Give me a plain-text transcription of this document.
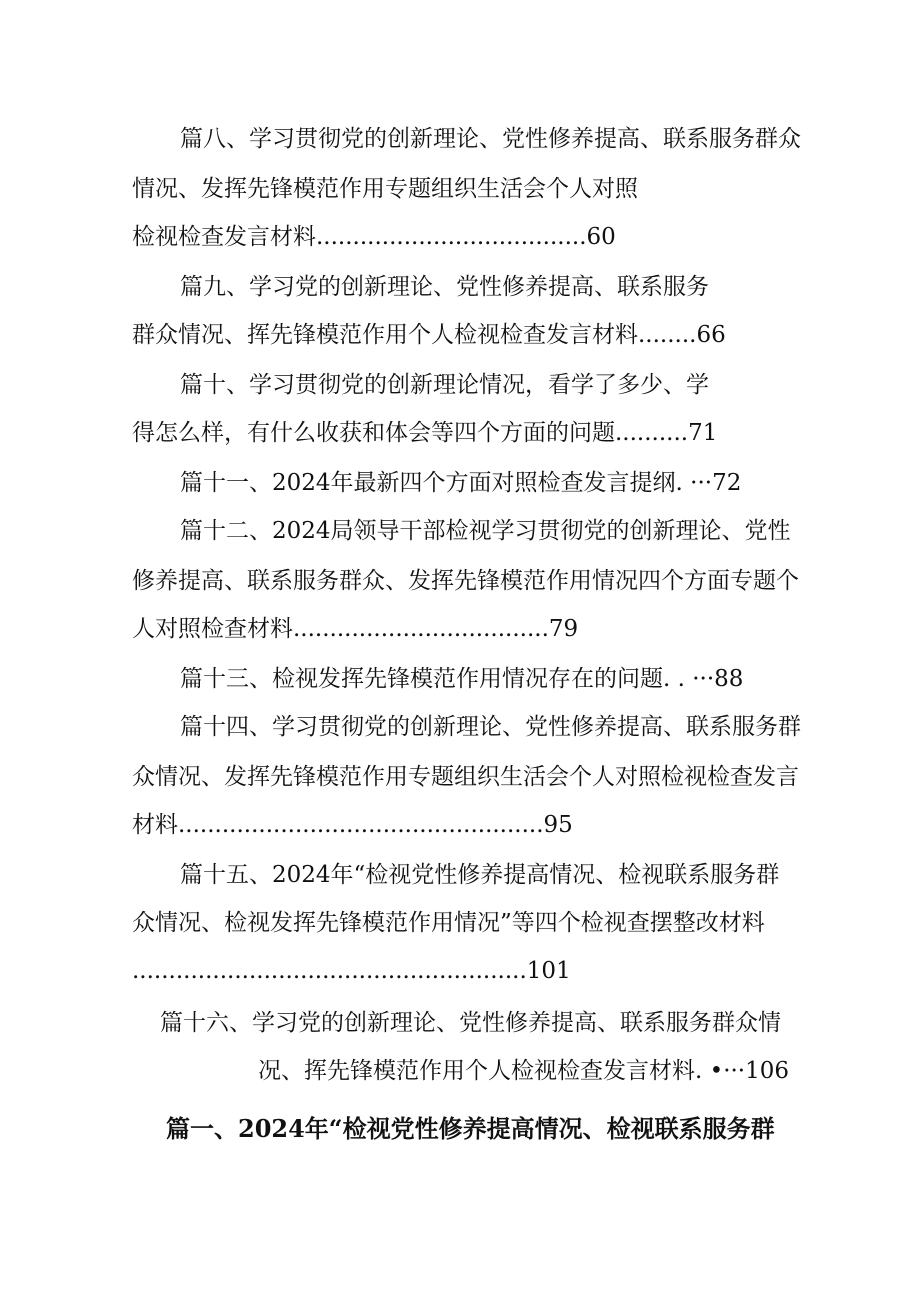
篇八、学习贯彻党的创新理论、党性修养提高、联系服务群众
情况、发挥先锋模范作用专题组织生活会个人对照
检视检查发言材料.....................................60
篇九、学习党的创新理论、党性修养提高、联系服务
群众情况、挥先锋模范作用个人检视检查发言材料........66
篇十、学习贯彻党的创新理论情况，看学了多少、学
得怎么样，有什么收获和体会等四个方面的问题..........71
篇十一、2024年最新四个方面对照检查发言提纲. ···72
篇十二、2024局领导干部检视学习贯彻党的创新理论、党性
修养提高、联系服务群众、发挥先锋模范作用情况四个方面专题个
人对照检查材料...................................79
篇十三、检视发挥先锋模范作用情况存在的问题. . ···88
篇十四、学习贯彻党的创新理论、党性修养提高、联系服务群
众情况、发挥先锋模范作用专题组织生活会个人对照检视检查发言
材料..................................................95
篇十五、2024年“检视党性修养提高情况、检视联系服务群
众情况、检视发挥先锋模范作用情况”等四个检视查摆整改材料
......................................................101
篇十六、学习党的创新理论、党性修养提高、联系服务群众情
况、挥先锋模范作用个人检视检查发言材料. •···106
篇一、2024年“检视党性修养提高情况、检视联系服务群
